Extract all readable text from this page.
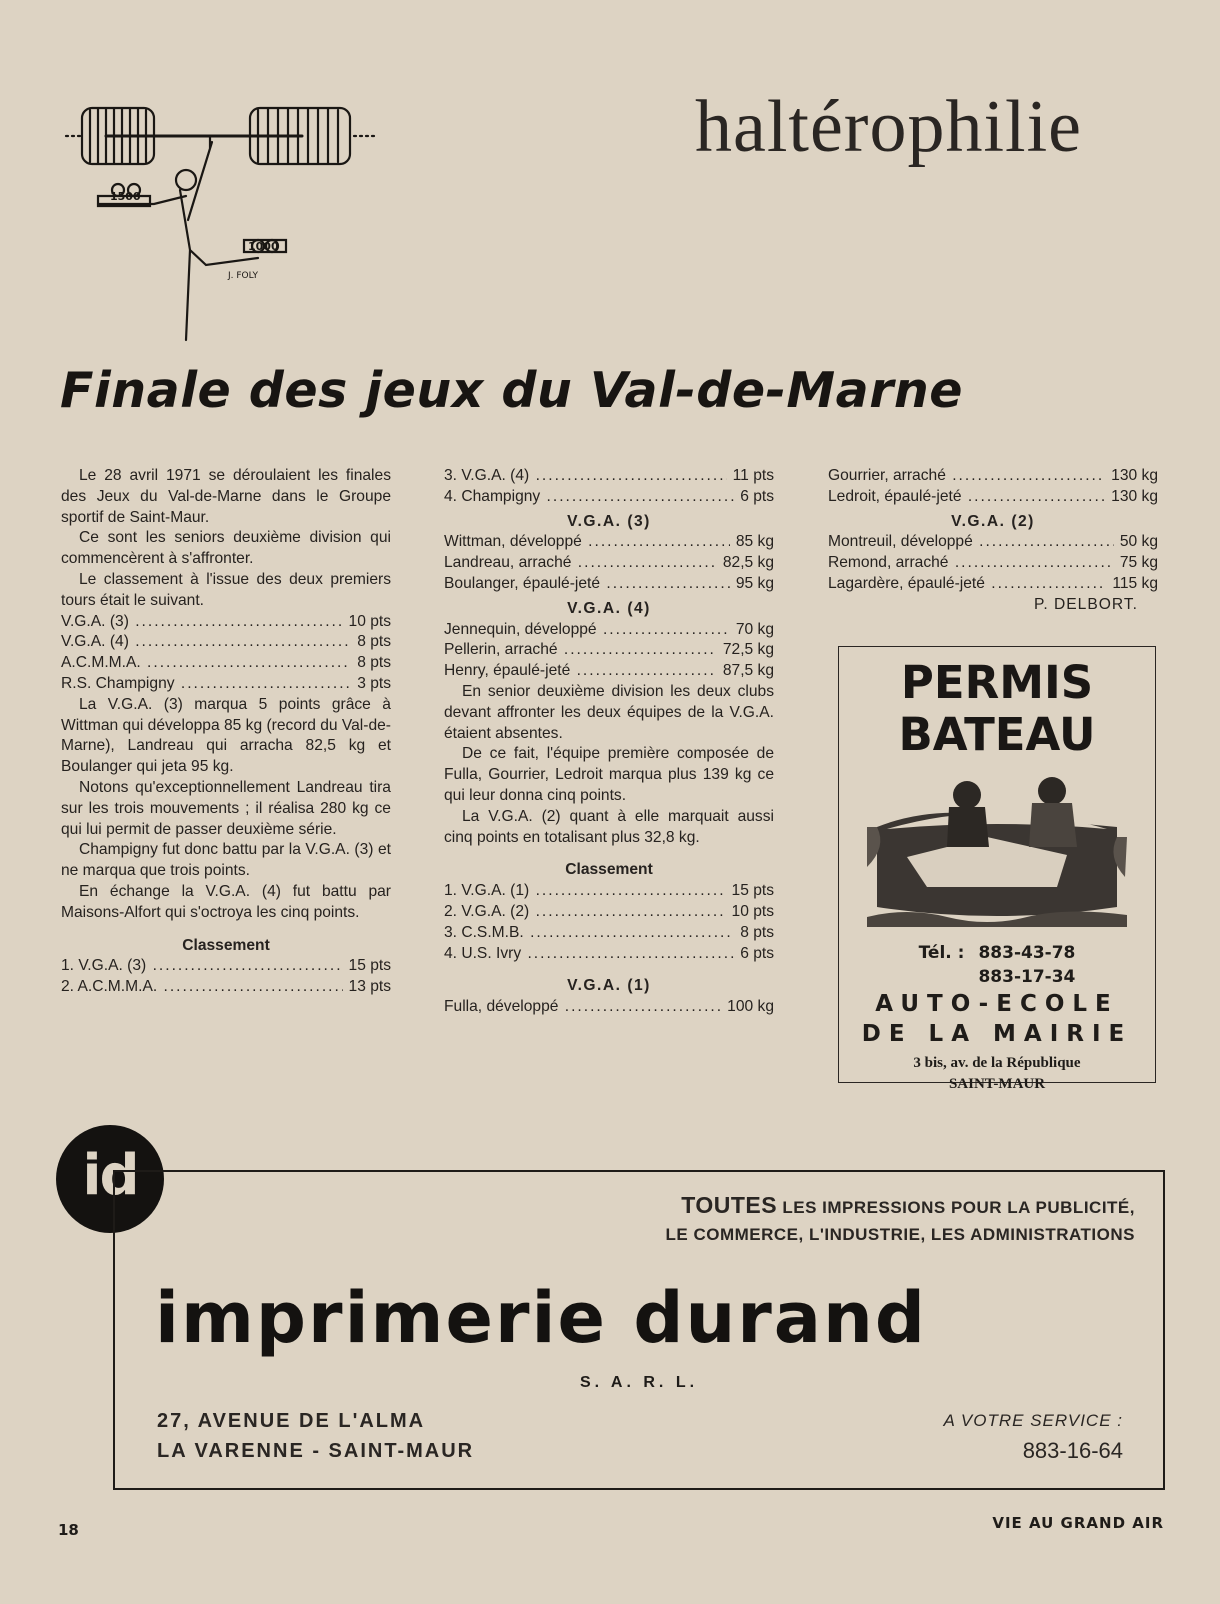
1500
1000
J. FOLY
haltérophilie
Finale des jeux du Val-de-Marne

Le 28 avril 1971 se déroulaient les finales des Jeux du Val-de-Marne dans le Groupe sportif de Saint-Maur.

Ce sont les seniors deuxième division qui commencèrent à s'affronter.

Le classement à l'issue des deux premiers tours était le suivant.

V.G.A. (3) .....	10 pts
V.G.A. (4) .....	8 pts
A.C.M.M.A. .....	8 pts
R.S. Champigny .....	3 pts

La V.G.A. (3) marqua 5 points grâce à Wittman qui développa 85 kg (record du Val-de-Marne), Landreau qui arracha 82,5 kg et Boulanger qui jeta 95 kg.

Notons qu'exceptionnellement Landreau tira sur les trois mouvements ; il réalisa 280 kg ce qui lui permit de passer deuxième série.

Champigny fut donc battu par la V.G.A. (3) et ne marqua que trois points.

En échange la V.G.A. (4) fut battu par Maisons-Alfort qui s'octroya les cinq points.

Classement
1. V.G.A. (3) .....	15 pts
2. A.C.M.M.A. .....	13 pts
3. V.G.A. (4) .....	11 pts
4. Champigny .....	6 pts
V.G.A. (3)
Wittman, développé .....	85 kg
Landreau, arraché .....	82,5 kg
Boulanger, épaulé-jeté .....	95 kg
V.G.A. (4)
Jennequin, développé .....	70 kg
Pellerin, arraché .....	72,5 kg
Henry, épaulé-jeté .....	87,5 kg

En senior deuxième division les deux clubs devant affronter les deux équipes de la V.G.A. étaient absentes.

De ce fait, l'équipe première composée de Fulla, Gourrier, Ledroit marqua plus 139 kg ce qui leur donna cinq points.

La V.G.A. (2) quant à elle marquait aussi cinq points en totalisant plus 32,8 kg.

Classement
1. V.G.A. (1) .....	15 pts
2. V.G.A. (2) .....	10 pts
3. C.S.M.B. .....	8 pts
4. U.S. Ivry .....	6 pts
V.G.A. (1)
Fulla, développé .....	100 kg
Gourrier, arraché .....	130 kg
Ledroit, épaulé-jeté .....	130 kg
V.G.A. (2)
Montreuil, développé .....	50 kg
Remond, arraché .....	75 kg
Lagardère, épaulé-jeté .....	115 kg
P. DELBORT.
PERMIS
BATEAU
Tél. : 883-43-78
883-17-34
AUTO-ECOLE
DE LA MAIRIE
3 bis, av. de la République
SAINT-MAUR
id	TOUTES LES IMPRESSIONS POUR LA PUBLICITÉ,
LE COMMERCE, L'INDUSTRIE, LES ADMINISTRATIONS
imprimerie durand
S. A. R. L.
27, AVENUE DE L'ALMA
LA VARENNE - SAINT-MAUR
A VOTRE SERVICE :
883-16-64
18	VIE AU GRAND AIR
